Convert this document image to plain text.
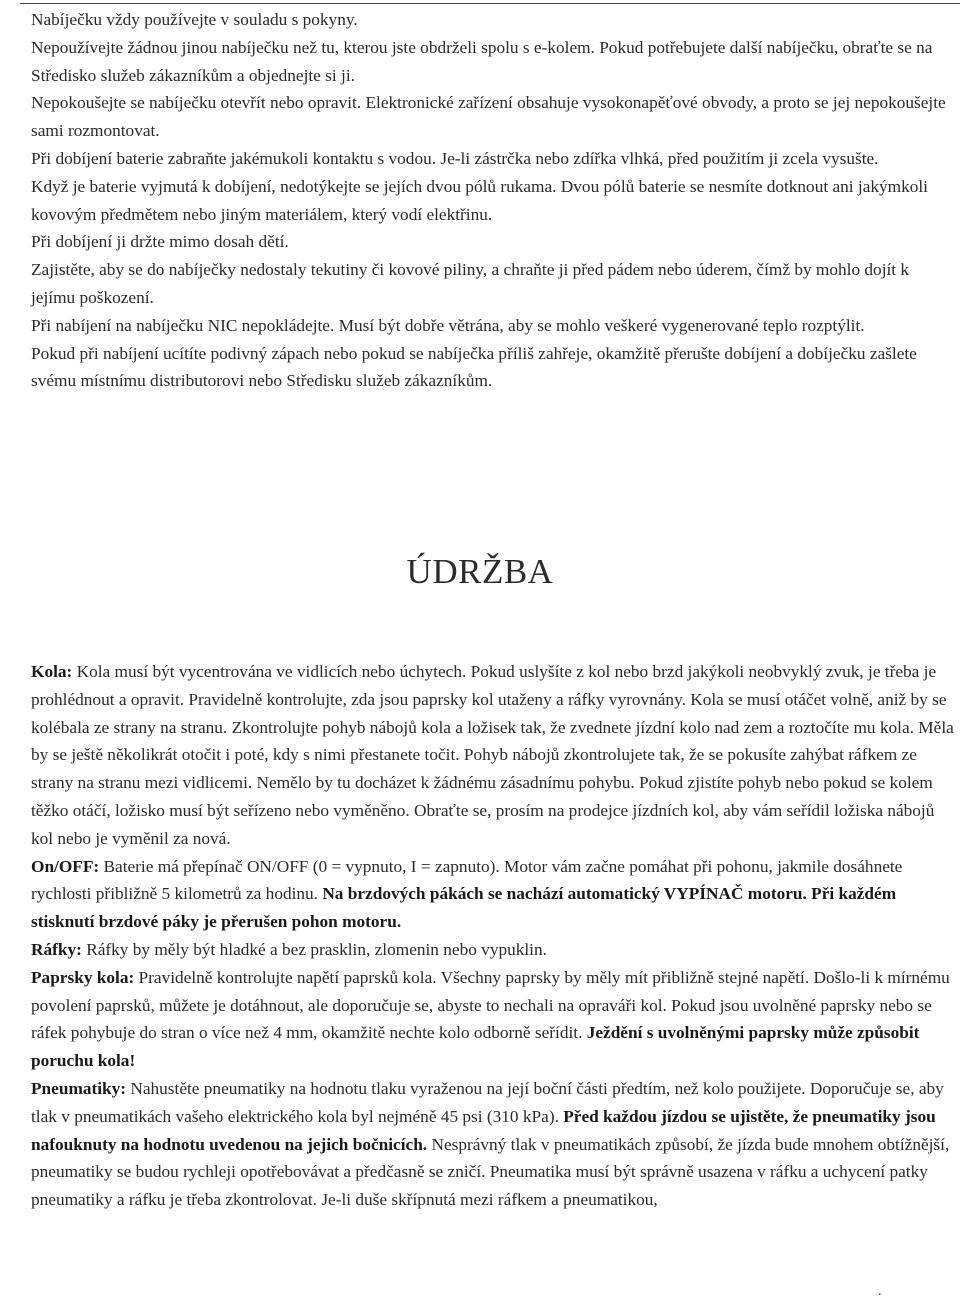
Nabíječku vždy používejte v souladu s pokyny.

Nepoužívejte žádnou jinou nabíječku než tu, kterou jste obdrželi spolu s e-kolem. Pokud potřebujete další nabíječku, obraťte se na Středisko služeb zákazníkům a objednejte si ji.

Nepokoušejte se nabíječku otevřít nebo opravit. Elektronické zařízení obsahuje vysokonapěťové obvody, a proto se jej nepokoušejte sami rozmontovat.

Při dobíjení baterie zabraňte jakémukoli kontaktu s vodou. Je-li zástrčka nebo zdířka vlhká, před použitím ji zcela vysušte.

Když je baterie vyjmutá k dobíjení, nedotýkejte se jejích dvou pólů rukama. Dvou pólů baterie se nesmíte dotknout ani jakýmkoli kovovým předmětem nebo jiným materiálem, který vodí elektřinu.

Při dobíjení ji držte mimo dosah dětí.

Zajistěte, aby se do nabíječky nedostaly tekutiny či kovové piliny, a chraňte ji před pádem nebo úderem, čímž by mohlo dojít k jejímu poškození.

Při nabíjení na nabíječku NIC nepokládejte. Musí být dobře větrána, aby se mohlo veškeré vygenerované teplo rozptýlit.

Pokud při nabíjení ucítíte podivný zápach nebo pokud se nabíječka příliš zahřeje, okamžitě přerušte dobíjení a dobíječku zašlete svému místnímu distributorovi nebo Středisku služeb zákazníkům.

ÚDRŽBA

Kola: Kola musí být vycentrována ve vidlicích nebo úchytech. Pokud uslyšíte z kol nebo brzd jakýkoli neobvyklý zvuk, je třeba je prohlédnout a opravit. Pravidelně kontrolujte, zda jsou paprsky kol utaženy a ráfky vyrovnány. Kola se musí otáčet volně, aniž by se kolébala ze strany na stranu. Zkontrolujte pohyb nábojů kola a ložisek tak, že zvednete jízdní kolo nad zem a roztočíte mu kola. Měla by se ještě několikrát otočit i poté, kdy s nimi přestanete točit. Pohyb nábojů zkontrolujete tak, že se pokusíte zahýbat ráfkem ze strany na stranu mezi vidlicemi. Nemělo by tu docházet k žádnému zásadnímu pohybu. Pokud zjistíte pohyb nebo pokud se kolem těžko otáčí, ložisko musí být seřízeno nebo vyměněno. Obraťte se, prosím na prodejce jízdních kol, aby vám seřídil ložiska nábojů kol nebo je vyměnil za nová.

On/OFF: Baterie má přepínač ON/OFF (0 = vypnuto, I = zapnuto). Motor vám začne pomáhat při pohonu, jakmile dosáhnete rychlosti přibližně 5 kilometrů za hodinu. Na brzdových pákách se nachází automatický VYPÍNAČ motoru. Při každém stisknutí brzdové páky je přerušen pohon motoru.

Ráfky: Ráfky by měly být hladké a bez prasklin, zlomenin nebo vypuklin.

Paprsky kola: Pravidelně kontrolujte napětí paprsků kola. Všechny paprsky by měly mít přibližně stejné napětí. Došlo-li k mírnému povolení paprsků, můžete je dotáhnout, ale doporučuje se, abyste to nechali na opraváři kol. Pokud jsou uvolněné paprsky nebo se ráfek pohybuje do stran o více než 4 mm, okamžitě nechte kolo odborně seřídit. Ježdění s uvolněnými paprsky může způsobit poruchu kola!

Pneumatiky: Nahustěte pneumatiky na hodnotu tlaku vyraženou na její boční části předtím, než kolo použijete. Doporučuje se, aby tlak v pneumatikách vašeho elektrického kola byl nejméně 45 psi (310 kPa). Před každou jízdou se ujistěte, že pneumatiky jsou nafouknuty na hodnotu uvedenou na jejich bočnicích. Nesprávný tlak v pneumatikách způsobí, že jízda bude mnohem obtížnější, pneumatiky se budou rychleji opotřebovávat a předčasně se zničí. Pneumatika musí být správně usazena v ráfku a uchycení patky pneumatiky a ráfku je třeba zkontrolovat. Je-li duše skřípnutá mezi ráfkem a pneumatikou,

.
